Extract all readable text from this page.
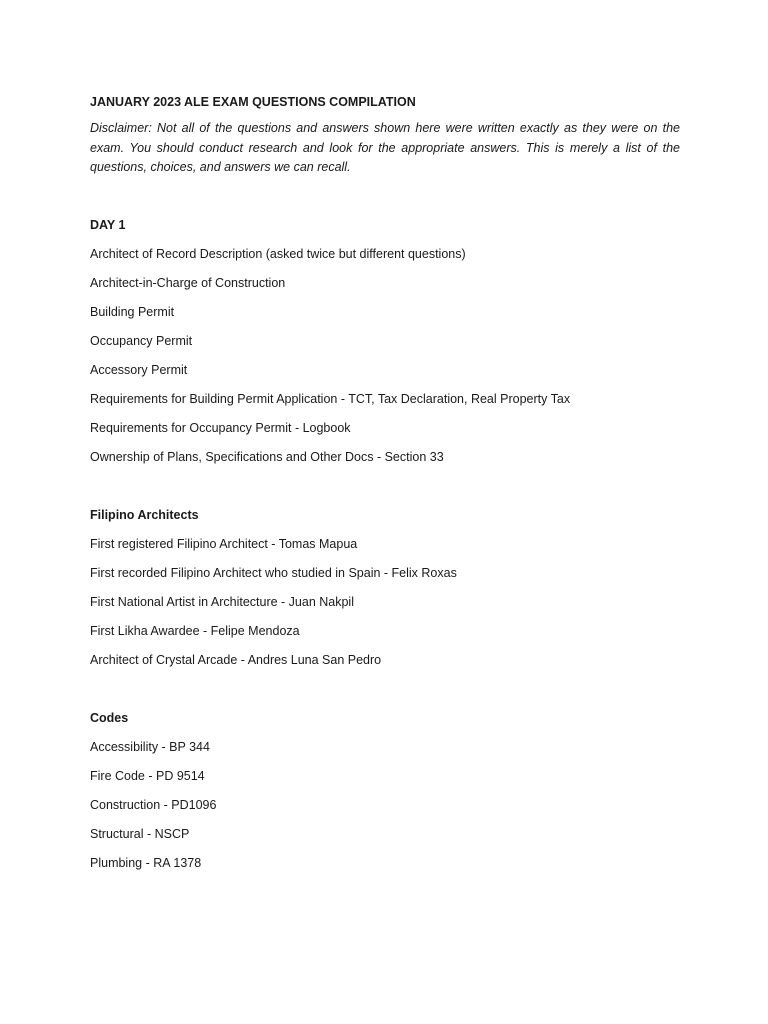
JANUARY 2023 ALE EXAM QUESTIONS COMPILATION

Disclaimer: Not all of the questions and answers shown here were written exactly as they were on the exam. You should conduct research and look for the appropriate answers. This is merely a list of the questions, choices, and answers we can recall.

DAY 1

Architect of Record Description (asked twice but different questions)

Architect-in-Charge of Construction

Building Permit

Occupancy Permit

Accessory Permit

Requirements for Building Permit Application - TCT, Tax Declaration, Real Property Tax

Requirements for Occupancy Permit - Logbook

Ownership of Plans, Specifications and Other Docs - Section 33

Filipino Architects

First registered Filipino Architect - Tomas Mapua

First recorded Filipino Architect who studied in Spain - Felix Roxas

First National Artist in Architecture - Juan Nakpil

First Likha Awardee - Felipe Mendoza

Architect of Crystal Arcade - Andres Luna San Pedro

Codes

Accessibility - BP 344

Fire Code - PD 9514

Construction - PD1096

Structural - NSCP

Plumbing - RA 1378
